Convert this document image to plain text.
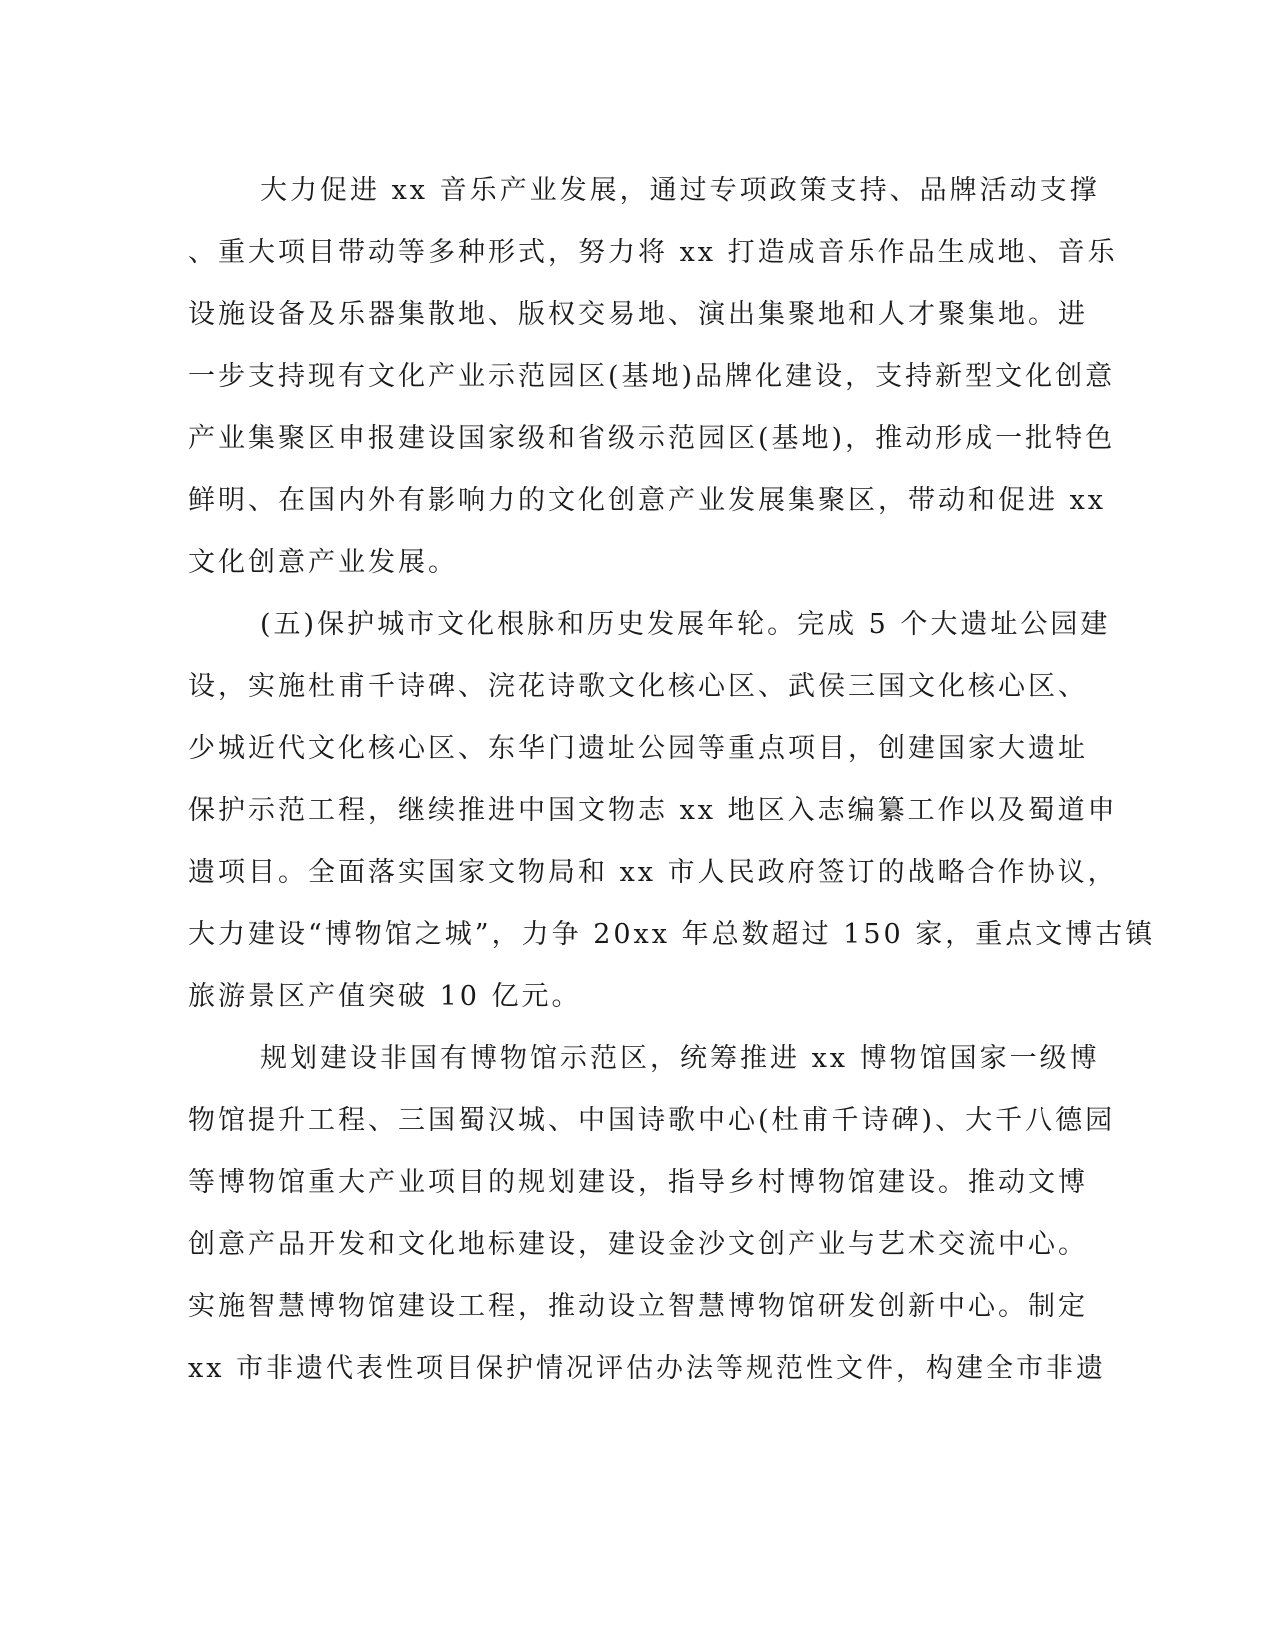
大力促进 xx 音乐产业发展，通过专项政策支持、品牌活动支撑
、重大项目带动等多种形式，努力将 xx 打造成音乐作品生成地、音乐
设施设备及乐器集散地、版权交易地、演出集聚地和人才聚集地。进
一步支持现有文化产业示范园区(基地)品牌化建设，支持新型文化创意
产业集聚区申报建设国家级和省级示范园区(基地)，推动形成一批特色
鲜明、在国内外有影响力的文化创意产业发展集聚区，带动和促进 xx
文化创意产业发展。
(五)保护城市文化根脉和历史发展年轮。完成 5 个大遗址公园建
设，实施杜甫千诗碑、浣花诗歌文化核心区、武侯三国文化核心区、
少城近代文化核心区、东华门遗址公园等重点项目，创建国家大遗址
保护示范工程，继续推进中国文物志 xx 地区入志编纂工作以及蜀道申
遗项目。全面落实国家文物局和 xx 市人民政府签订的战略合作协议，
大力建设“博物馆之城”，力争 20xx 年总数超过 150 家，重点文博古镇
旅游景区产值突破 10 亿元。
规划建设非国有博物馆示范区，统筹推进 xx 博物馆国家一级博
物馆提升工程、三国蜀汉城、中国诗歌中心(杜甫千诗碑)、大千八德园
等博物馆重大产业项目的规划建设，指导乡村博物馆建设。推动文博
创意产品开发和文化地标建设，建设金沙文创产业与艺术交流中心。
实施智慧博物馆建设工程，推动设立智慧博物馆研发创新中心。制定
xx 市非遗代表性项目保护情况评估办法等规范性文件，构建全市非遗
